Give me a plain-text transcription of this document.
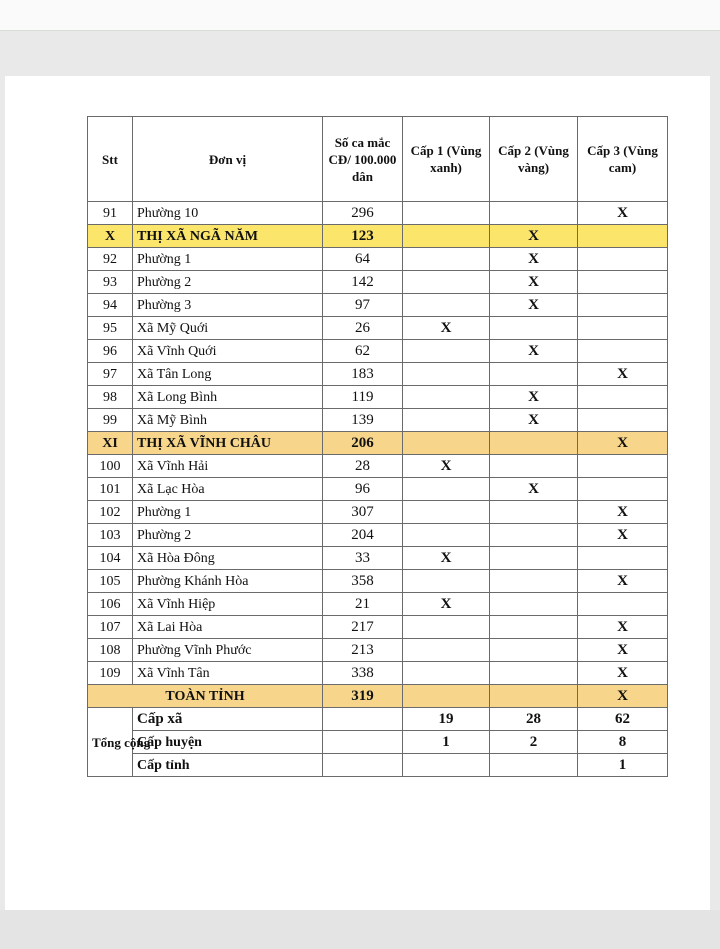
Stt	Đơn vị	Số ca mắc CĐ/ 100.000 dân	Cấp 1 (Vùng xanh)	Cấp 2 (Vùng vàng)	Cấp 3 (Vùng cam)
91	Phường 10	296			X
X	THỊ XÃ NGÃ NĂM	123		X	
92	Phường 1	64		X	
93	Phường 2	142		X	
94	Phường 3	97		X	
95	Xã Mỹ Quới	26	X		
96	Xã Vĩnh Quới	62		X	
97	Xã Tân Long	183			X
98	Xã Long Bình	119		X	
99	Xã Mỹ Bình	139		X	
XI	THỊ XÃ VĨNH CHÂU	206			X
100	Xã Vĩnh Hải	28	X		
101	Xã Lạc Hòa	96		X	
102	Phường 1	307			X
103	Phường 2	204			X
104	Xã Hòa Đông	33	X		
105	Phường Khánh Hòa	358			X
106	Xã Vĩnh Hiệp	21	X		
107	Xã Lai Hòa	217			X
108	Phường Vĩnh Phước	213			X
109	Xã Vĩnh Tân	338			X
TOÀN TỈNH		319			X
Tổng cộng	Cấp xã		19	28	62
	Cấp huyện		1	2	8
	Cấp tỉnh				1
